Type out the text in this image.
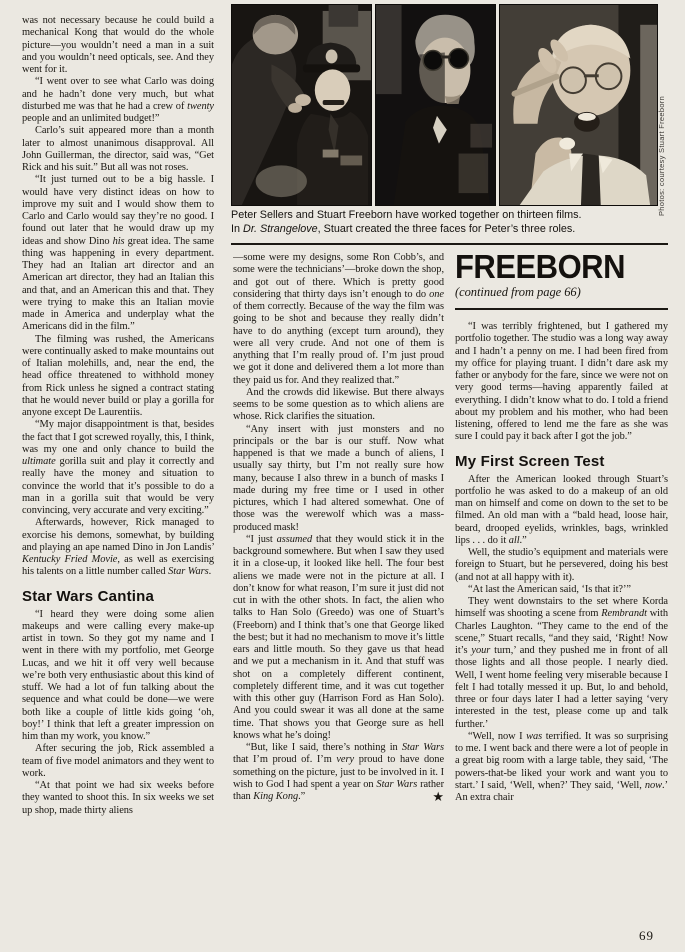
was not necessary because he could build a mechanical Kong that would do the whole picture—you wouldn’t need a man in a suit and you wouldn’t need opticals, see. And they went for it.

“I went over to see what Carlo was doing and he hadn’t done very much, but what disturbed me was that he had a crew of twenty people and an unlimited budget!”

Carlo’s suit appeared more than a month later to almost unanimous disapproval. All John Guillerman, the director, said was, “Get Rick and his suit.” But all was not roses.

“It just turned out to be a big hassle. I would have very distinct ideas on how to improve my suit and I would show them to Carlo and Carlo would say they’re no good. I found out later that he would draw up my ideas and show Dino his great idea. The same thing was happening in every department. They had an Italian art director and an American art director, they had an Italian this and that, and an American this and that. They were trying to make this an Italian movie made in America and underplay what the Americans did in the film.”

The filming was rushed, the Americans were continually asked to make mountains out of Italian molehills, and, near the end, the head office threatened to withhold money from Rick unless he signed a contract stating that he would never build or play a gorilla for anyone except De Laurentiis.

“My major disappointment is that, besides the fact that I got screwed royally, this, I think, was my one and only chance to build the ultimate gorilla suit and play it correctly and really have the money and situation to convince the world that it’s possible to do a man in a gorilla suit that would be very convincing, very accurate and very exciting.”

Afterwards, however, Rick managed to exorcise his demons, somewhat, by building and playing an ape named Dino in Jon Landis’ Kentucky Fried Movie, as well as exercising his talents on a little number called Star Wars.

Star Wars Cantina

“I heard they were doing some alien makeups and were calling every make-up artist in town. So they got my name and I went in there with my portfolio, met George Lucas, and we hit it off very well because we’re both very enthusiastic about this kind of stuff. We had a lot of fun talking about the sequence and what could be done—we were both like a couple of little kids going ‘oh, boy!’ I think that left a greater impression on him than my work, you know.”

After securing the job, Rick assembled a team of five model animators and they went to work.

“At that point we had six weeks before they wanted to shoot this. In six weeks we set up shop, made thirty aliens

Photos: courtesy Stuart Freeborn
Peter Sellers and Stuart Freeborn have worked together on thirteen films.
In Dr. Strangelove, Stuart created the three faces for Peter’s three roles.

—some were my designs, some Ron Cobb’s, and some were the technicians’—broke down the shop, and got out of there. Which is pretty good considering that thirty days isn’t enough to do one of them correctly. Because of the way the film was going to be shot and because they really didn’t have to do anything (except turn around), they were all very crude. And not one of them is anything that I’m really proud of. I’m just proud we got it done and delivered them a lot more than they paid us for. And they realized that.”

And the crowds did likewise. But there always seems to be some question as to which aliens are whose. Rick clarifies the situation.

“Any insert with just monsters and no principals or the bar is our stuff. Now what happened is that we made a bunch of aliens, I usually say thirty, but I’m not really sure how many, because I also threw in a bunch of masks I made during my free time or I used in other pictures, which I had altered somewhat. One of those was the werewolf which was a mass-produced mask!

“I just assumed that they would stick it in the background somewhere. But when I saw they used it in a close-up, it looked like hell. The four best aliens we made were not in the picture at all. I don’t know for what reason, I’m sure it just did not cut in with the other shots. In fact, the alien who talks to Han Solo (Greedo) was one of Stuart’s (Freeborn) and I think that’s one that George liked the best; but it had no mechanism to move it’s little ears and little mouth. So they gave us that head and we put a mechanism in it. And that stuff was shot on a completely different continent, completely different time, and it was cut together with this other guy (Harrison Ford as Han Solo). And you could swear it was all done at the same time. That shows you that George sure as hell knows what he’s doing!

“But, like I said, there’s nothing in Star Wars that I’m proud of. I’m very proud to have done something on the picture, just to be involved in it. I wish to God I had spent a year on Star Wars rather than King Kong.”	★

FREEBORN
(continued from page 66)

“I was terribly frightened, but I gathered my portfolio together. The studio was a long way away and I hadn’t a penny on me. I had been fired from my office for playing truant. I didn’t dare ask my father or anybody for the fare, since we were not on very good terms—having apparently failed at everything. I didn’t know what to do. I told a friend about my problem and his mother, who had been listening, offered to lend me the fare as she was sure I could pay it back after I got the job.”

My First Screen Test

After the American looked through Stuart’s portfolio he was asked to do a makeup of an old man on himself and come on down to the set to be filmed. An old man with a “bald head, loose hair, beard, drooped eyelids, wrinkles, bags, wrinkled lips . . . do it all.”

Well, the studio’s equipment and materials were foreign to Stuart, but he persevered, doing his best (and not at all happy with it).

“At last the American said, ‘Is that it?’”

They went downstairs to the set where Korda himself was shooting a scene from Rembrandt with Charles Laughton. “They came to the end of the scene,” Stuart recalls, “and they said, ‘Right! Now it’s your turn,’ and they pushed me in front of all those lights and all those people. I nearly died. Well, I went home feeling very miserable because I felt I had totally messed it up. But, lo and behold, three or four days later I had a letter saying ‘very interested in the test, please come up and talk further.’

“Well, now I was terrified. It was so surprising to me. I went back and there were a lot of people in a great big room with a large table, they said, ‘The powers-that-be liked your work and want you to start.’ I said, ‘Well, when?’ They said, ‘Well, now.’ An extra chair

69
